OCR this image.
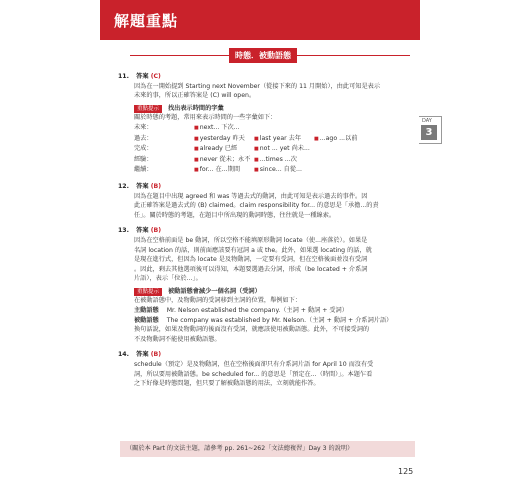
解題重點
時態．被動語態
DAY
3
11. 答案 (C)
因為在一開始提到 Starting next November（從接下來的 11 月開始），由此可知是表示
未來的事，所以正確答案是 (C) will open。
重點提示 找出表示時間的字彙
關於時態的考題，常用來表示時間的一些字彙如下：
未來：	■next... 下次...
過去：	■yesterday 昨天	■last year 去年	■...ago ...以前
完成：	■already 已經	■not ... yet 尚未...
經驗：	■never 從未；永不 ■...times ...次
繼續：	■for... 在...期間	■since... 自從...
12. 答案 (B)
因為在題目中出現 agreed 和 was 等過去式的動詞，由此可知是表示過去的事件。因
此正確答案是過去式的 (B) claimed。claim responsibility for... 的意思是「承擔...的責
任」。關於時態的考題，在題目中所出現的動詞時態，往往就是一種線索。
13. 答案 (B)
因為在空格前面是 be 動詞，所以空格不能填原形動詞 locate（使...座落於）。如果是
名詞 location 的話，則前面應該要有冠詞 a 或 the。此外，如果選 locating 的話，就
是現在進行式，但因為 locate 是及物動詞，一定要有受詞，但在空格後面並沒有受詞
。因此，剩去其他選項後可以得知，本題要選過去分詞，形成（be located + 介系詞
片語），表示「位於...」。
重點提示 被動語態會減少一個名詞（受詞）
在被動語態中，及物動詞的受詞移到主詞的位置，舉例如下：
主動語態 Mr. Nelson established the company.（主詞 + 動詞 + 受詞）
被動語態 The company was established by Mr. Nelson.（主詞 + 動詞 + 介系詞片語）
換句話說，如果及物動詞的後面沒有受詞，就應該使用被動語態。此外，不可接受詞的
不及物動詞不能使用被動語態。
14. 答案 (B)
schedule（預定）是及物動詞，但在空格後面卻只有介系詞片語 for April 10 而沒有受
詞，所以要用被動語態。be scheduled for... 的意思是「預定在...（時間）」。本題乍看
之下好像是時態問題，但只要了解被動語態的用法，立刻就能作答。
（關於本 Part 的文法主題，請參考 pp. 261~262「文法總複習」Day 3 的說明）
125
